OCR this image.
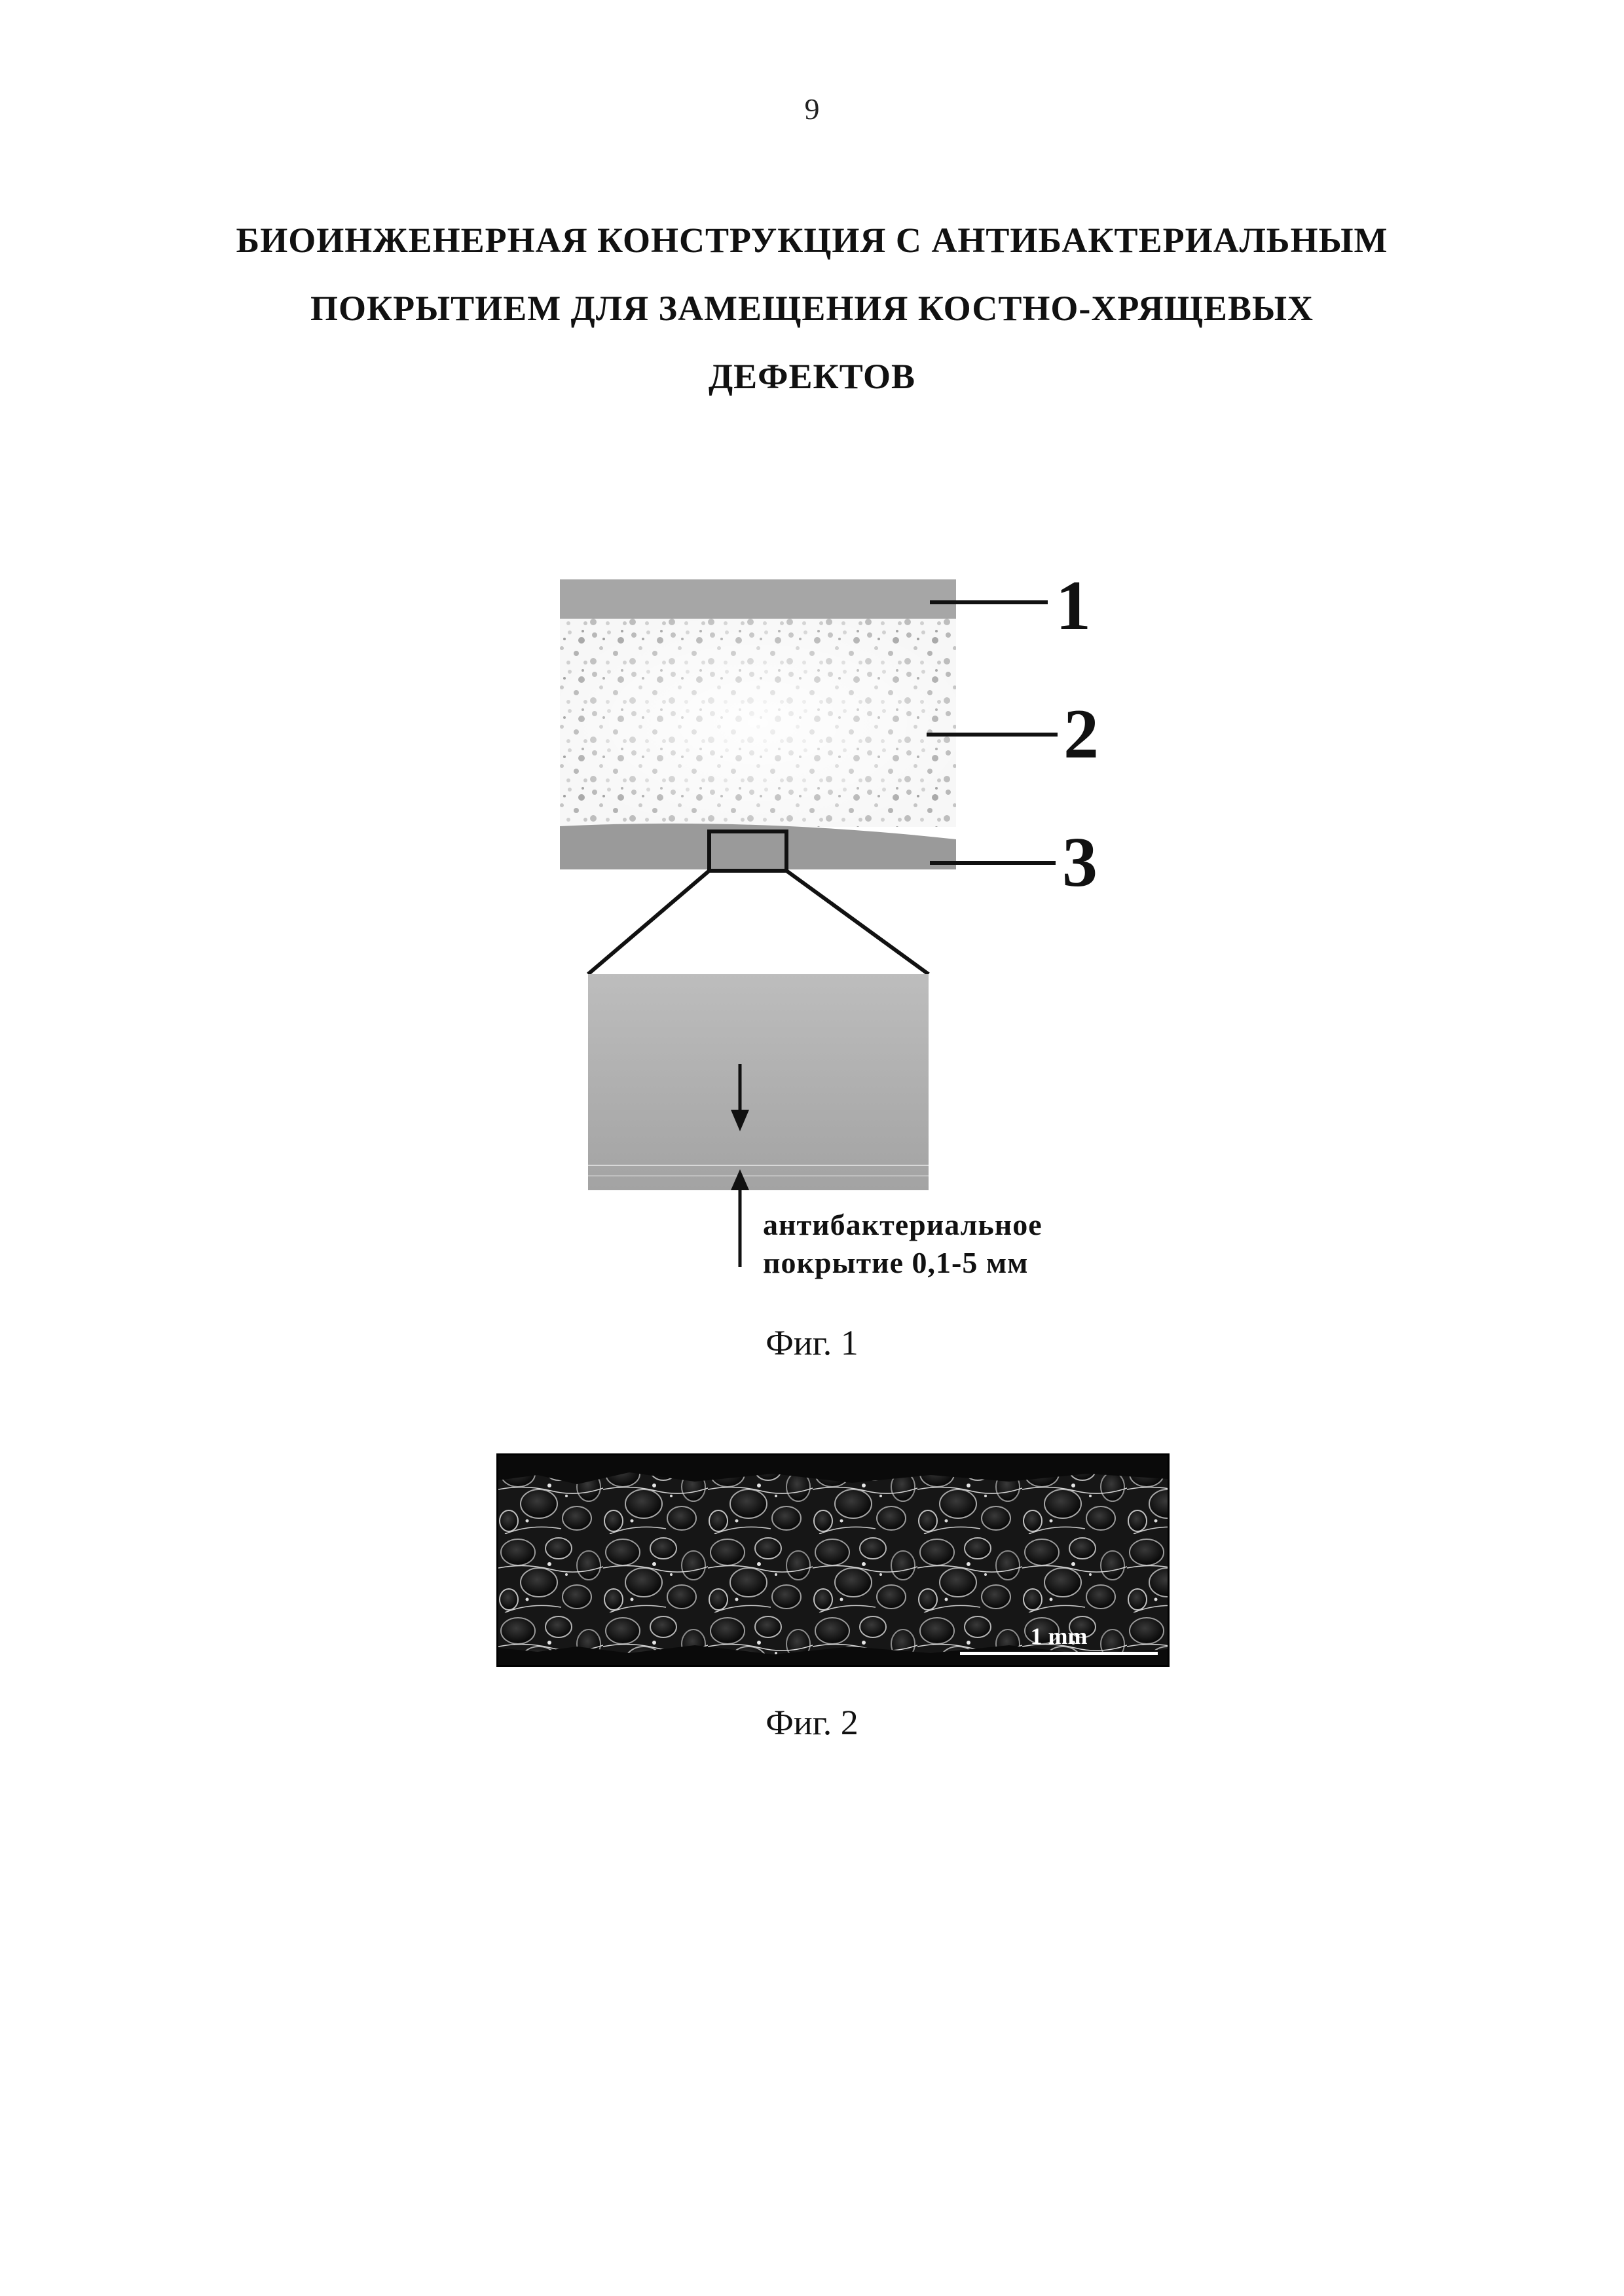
9
БИОИНЖЕНЕРНАЯ КОНСТРУКЦИЯ С АНТИБАКТЕРИАЛЬНЫМ
ПОКРЫТИЕМ ДЛЯ ЗАМЕЩЕНИЯ КОСТНО-ХРЯЩЕВЫХ
ДЕФЕКТОВ
1
2
3
антибактериальное
покрытие 0,1-5 мм
Фиг. 1
1 mm
Фиг. 2
